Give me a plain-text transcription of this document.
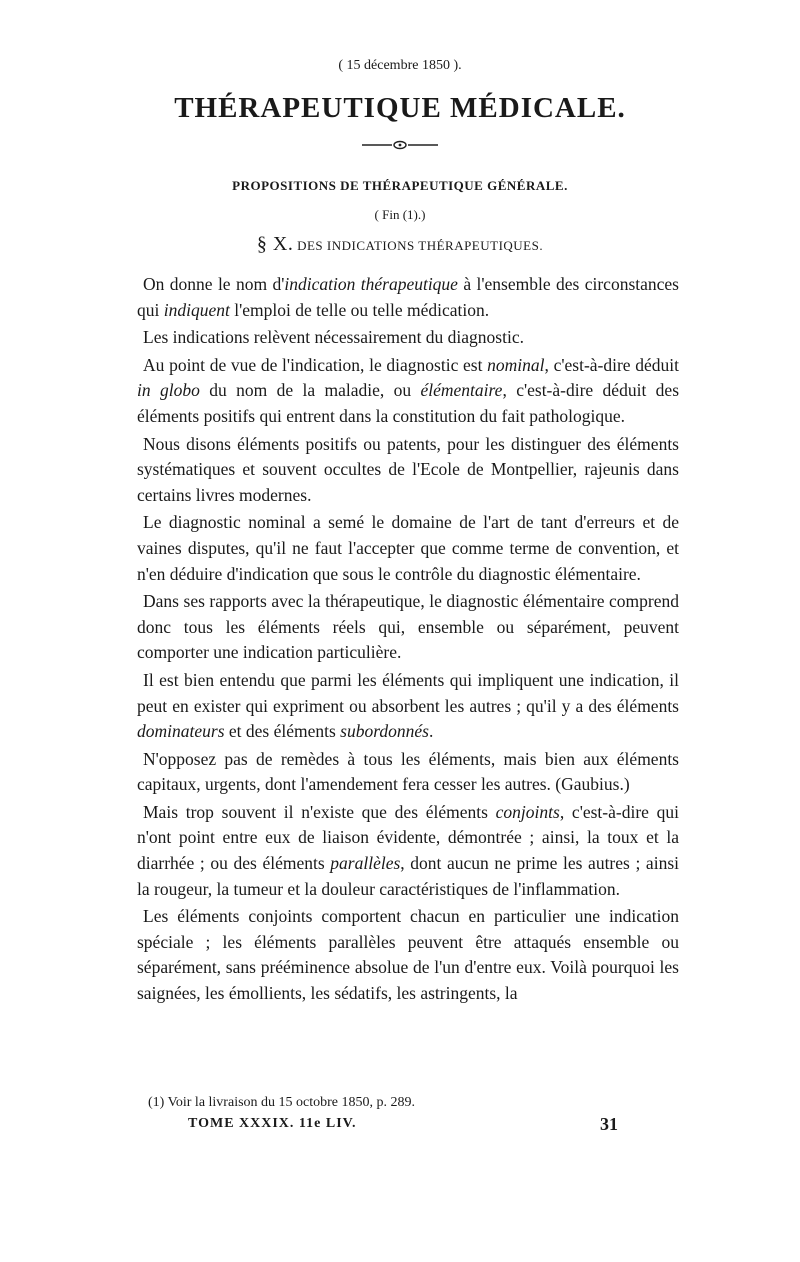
( 15 décembre 1850 ).
THÉRAPEUTIQUE MÉDICALE.
PROPOSITIONS DE THÉRAPEUTIQUE GÉNÉRALE.
( Fin (1).)
§ X. DES INDICATIONS THÉRAPEUTIQUES.

On donne le nom d'indication thérapeutique à l'ensemble des circonstances qui indiquent l'emploi de telle ou telle médication.

Les indications relèvent nécessairement du diagnostic.

Au point de vue de l'indication, le diagnostic est nominal, c'est-à-dire déduit in globo du nom de la maladie, ou élémentaire, c'est-à-dire déduit des éléments positifs qui entrent dans la constitution du fait pathologique.

Nous disons éléments positifs ou patents, pour les distinguer des éléments systématiques et souvent occultes de l'Ecole de Montpellier, rajeunis dans certains livres modernes.

Le diagnostic nominal a semé le domaine de l'art de tant d'erreurs et de vaines disputes, qu'il ne faut l'accepter que comme terme de convention, et n'en déduire d'indication que sous le contrôle du diagnostic élémentaire.

Dans ses rapports avec la thérapeutique, le diagnostic élémentaire comprend donc tous les éléments réels qui, ensemble ou séparément, peuvent comporter une indication particulière.

Il est bien entendu que parmi les éléments qui impliquent une indication, il peut en exister qui expriment ou absorbent les autres ; qu'il y a des éléments dominateurs et des éléments subordonnés.

N'opposez pas de remèdes à tous les éléments, mais bien aux éléments capitaux, urgents, dont l'amendement fera cesser les autres. (Gaubius.)

Mais trop souvent il n'existe que des éléments conjoints, c'est-à-dire qui n'ont point entre eux de liaison évidente, démontrée ; ainsi, la toux et la diarrhée ; ou des éléments parallèles, dont aucun ne prime les autres ; ainsi la rougeur, la tumeur et la douleur caractéristiques de l'inflammation.

Les éléments conjoints comportent chacun en particulier une indication spéciale ; les éléments parallèles peuvent être attaqués ensemble ou séparément, sans prééminence absolue de l'un d'entre eux. Voilà pourquoi les saignées, les émollients, les sédatifs, les astringents, la

(1) Voir la livraison du 15 octobre 1850, p. 289.
TOME XXXIX. 11e LIV.	31
